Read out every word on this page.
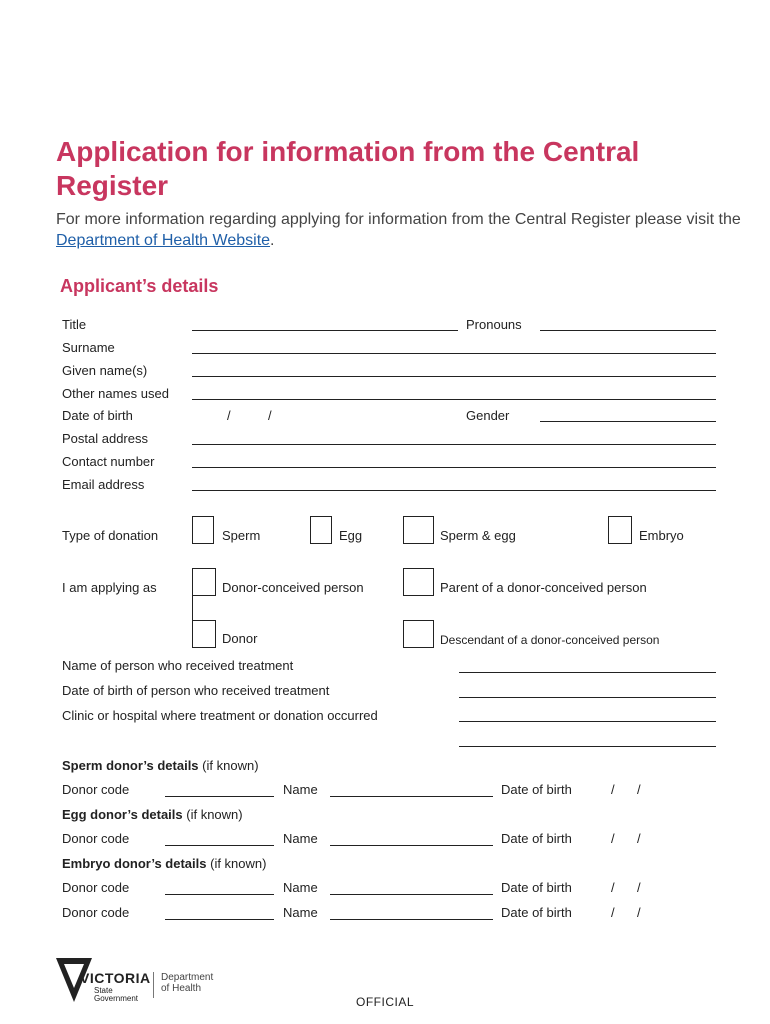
Application for information from the Central Register
For more information regarding applying for information from the Central Register please visit the Department of Health Website.
Applicant’s details
Title	Pronouns
Surname
Given name(s)
Other names used
Date of birth	/	/	Gender
Postal address
Contact number
Email address
Type of donation	Sperm	Egg	Sperm & egg	Embryo
I am applying as	Donor-conceived person	Parent of a donor-conceived person
Donor	Descendant of a donor-conceived person
Name of person who received treatment
Date of birth of person who received treatment
Clinic or hospital where treatment or donation occurred
Sperm donor’s details (if known)
Donor code	Name	Date of birth	/ /
Egg donor’s details (if known)
Donor code	Name	Date of birth	/ /
Embryo donor’s details (if known)
Donor code	Name	Date of birth	/ /
Donor code	Name	Date of birth	/ /
VICTORIA
State
Government
Department
of Health
OFFICIAL
